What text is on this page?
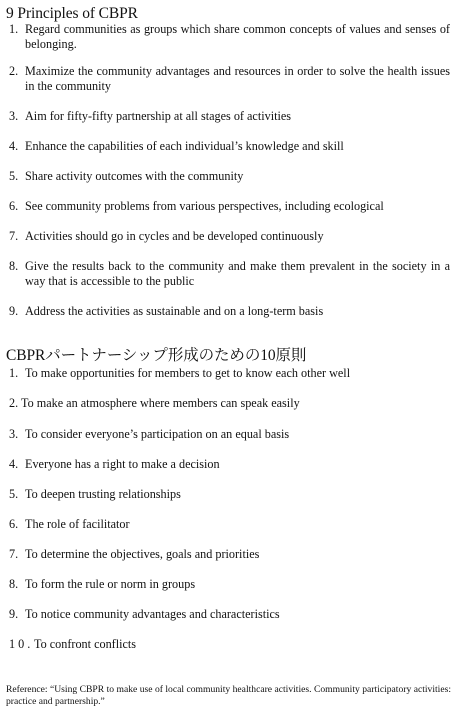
9 Principles of CBPR
1. Regard communities as groups which share common concepts of values and senses of belonging.
2. Maximize the community advantages and resources in order to solve the health issues in the community
3. Aim for fifty-fifty partnership at all stages of activities
4. Enhance the capabilities of each individual’s knowledge and skill
5. Share activity outcomes with the community
6. See community problems from various perspectives, including ecological
7. Activities should go in cycles and be developed continuously
8. Give the results back to the community and make them prevalent in the society in a way that is accessible to the public
9. Address the activities as sustainable and on a long-term basis
CBPRパートナーシップ形成のための10原則
1. To make opportunities for members to get to know each other well
2. To make an atmosphere where members can speak easily
3. To consider everyone’s participation on an equal basis
4. Everyone has a right to make a decision
5. To deepen trusting relationships
6. The role of facilitator
7. To determine the objectives, goals and priorities
8. To form the rule or norm in groups
9. To notice community advantages and characteristics
10. To confront conflicts
Reference: “Using CBPR to make use of local community healthcare activities. Community participatory activities: practice and partnership.”
